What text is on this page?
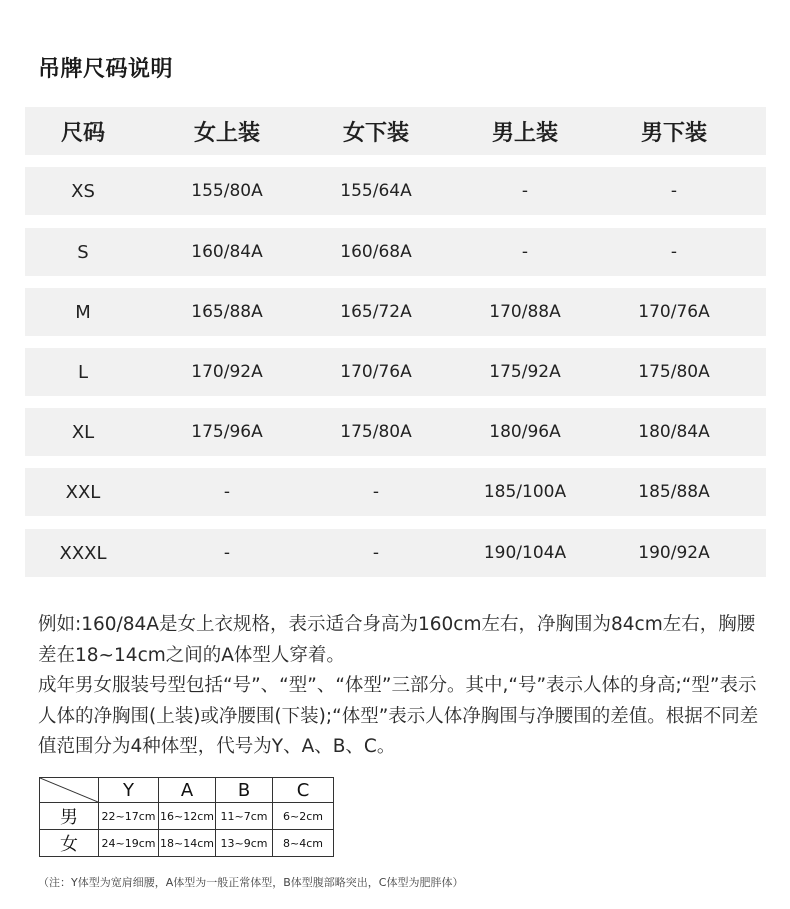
吊牌尺码说明
尺码	女上装	女下装	男上装	男下装
XS	155/80A	155/64A	-	-
S	160/84A	160/68A	-	-
M	165/88A	165/72A	170/88A	170/76A
L	170/92A	170/76A	175/92A	175/80A
XL	175/96A	175/80A	180/96A	180/84A
XXL	-	-	185/100A	185/88A
XXXL	-	-	190/104A	190/92A

例如:160/84A是女上衣规格，表示适合身高为160cm左右，净胸围为84cm左右，胸腰差在18~14cm之间的A体型人穿着。

成年男女服装号型包括“号”、“型”、“体型”三部分。其中,“号”表示人体的身高;“型”表示人体的净胸围(上装)或净腰围(下装);“体型”表示人体净胸围与净腰围的差值。根据不同差值范围分为4种体型，代号为Y、A、B、C。

	Y	A	B	C
男	22~17cm	16~12cm	11~7cm	6~2cm
女	24~19cm	18~14cm	13~9cm	8~4cm
（注：Y体型为宽肩细腰，A体型为一般正常体型，B体型腹部略突出，C体型为肥胖体）
